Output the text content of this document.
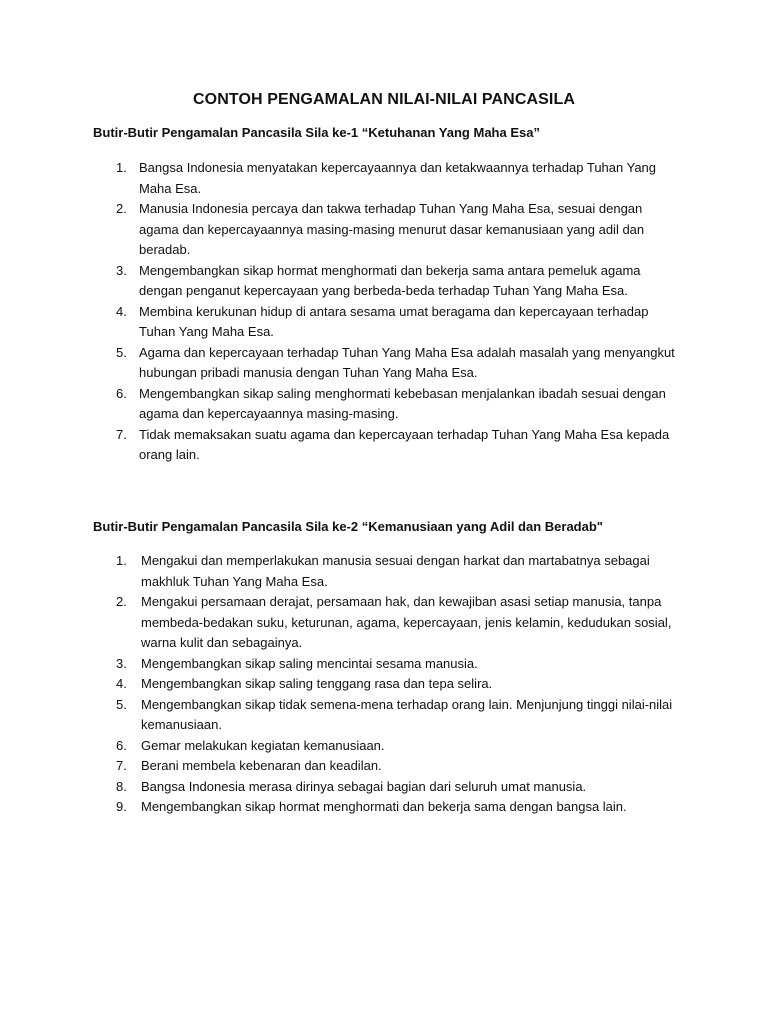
CONTOH PENGAMALAN NILAI-NILAI PANCASILA
Butir-Butir Pengamalan Pancasila Sila ke-1 “Ketuhanan Yang Maha Esa”
1. Bangsa Indonesia menyatakan kepercayaannya dan ketakwaannya terhadap Tuhan Yang Maha Esa.
2. Manusia Indonesia percaya dan takwa terhadap Tuhan Yang Maha Esa, sesuai dengan agama dan kepercayaannya masing-masing menurut dasar kemanusiaan yang adil dan beradab.
3. Mengembangkan sikap hormat menghormati dan bekerja sama antara pemeluk agama dengan penganut kepercayaan yang berbeda-beda terhadap Tuhan Yang Maha Esa.
4. Membina kerukunan hidup di antara sesama umat beragama dan kepercayaan terhadap Tuhan Yang Maha Esa.
5. Agama dan kepercayaan terhadap Tuhan Yang Maha Esa adalah masalah yang menyangkut hubungan pribadi manusia dengan Tuhan Yang Maha Esa.
6. Mengembangkan sikap saling menghormati kebebasan menjalankan ibadah sesuai dengan agama dan kepercayaannya masing-masing.
7. Tidak memaksakan suatu agama dan kepercayaan terhadap Tuhan Yang Maha Esa kepada orang lain.
Butir-Butir Pengamalan Pancasila Sila ke-2 “Kemanusiaan yang Adil dan Beradab"
1. Mengakui dan memperlakukan manusia sesuai dengan harkat dan martabatnya sebagai makhluk Tuhan Yang Maha Esa.
2. Mengakui persamaan derajat, persamaan hak, dan kewajiban asasi setiap manusia, tanpa membeda-bedakan suku, keturunan, agama, kepercayaan, jenis kelamin, kedudukan sosial, warna kulit dan sebagainya.
3. Mengembangkan sikap saling mencintai sesama manusia.
4. Mengembangkan sikap saling tenggang rasa dan tepa selira.
5. Mengembangkan sikap tidak semena-mena terhadap orang lain. Menjunjung tinggi nilai-nilai kemanusiaan.
6. Gemar melakukan kegiatan kemanusiaan.
7. Berani membela kebenaran dan keadilan.
8. Bangsa Indonesia merasa dirinya sebagai bagian dari seluruh umat manusia.
9. Mengembangkan sikap hormat menghormati dan bekerja sama dengan bangsa lain.
